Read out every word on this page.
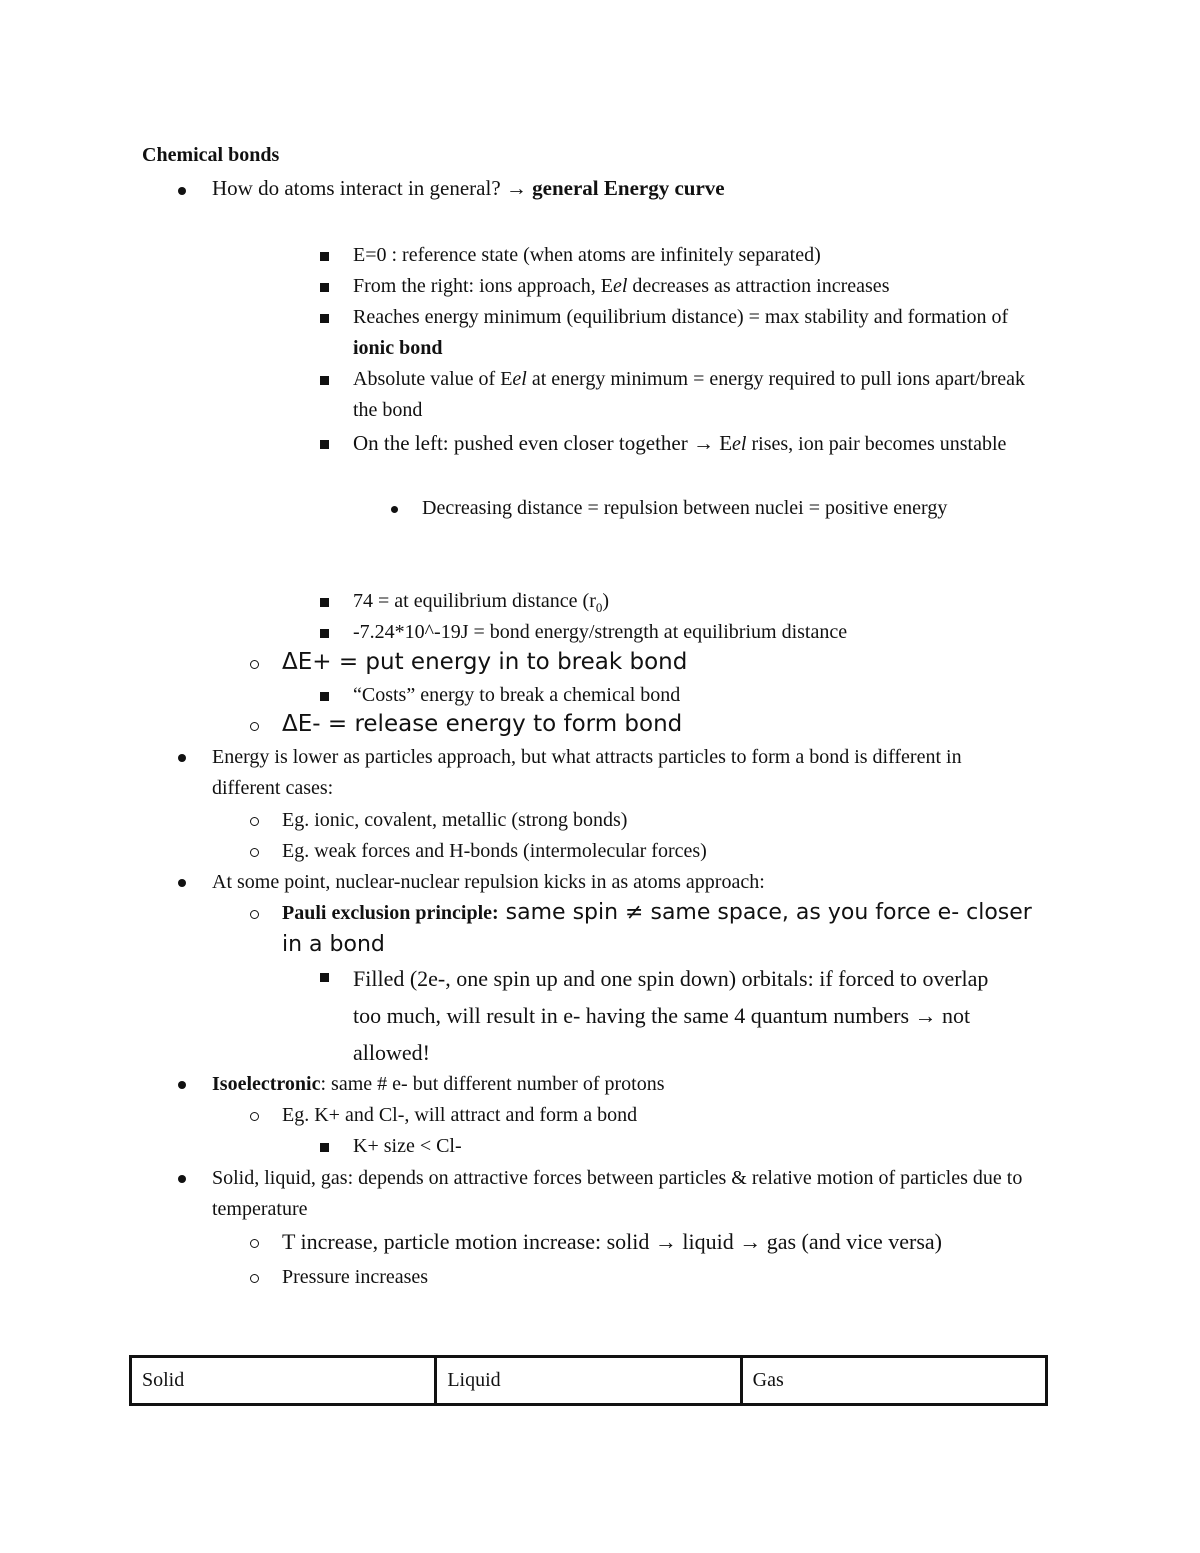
Chemical bonds
How do atoms interact in general? → general Energy curve
E=0 : reference state (when atoms are infinitely separated)
From the right: ions approach, Eel decreases as attraction increases
Reaches energy minimum (equilibrium distance) = max stability and formation of ionic bond
Absolute value of Eel at energy minimum = energy required to pull ions apart/break the bond
On the left: pushed even closer together → Eel rises, ion pair becomes unstable
Decreasing distance = repulsion between nuclei = positive energy
74 = at equilibrium distance $(r_0)$
-7.24*10^-19J = bond energy/strength at equilibrium distance
ΔE+ = put energy in to break bond
“Costs” energy to break a chemical bond
ΔE- = release energy to form bond
Energy is lower as particles approach, but what attracts particles to form a bond is different in different cases:
Eg. ionic, covalent, metallic (strong bonds)
Eg. weak forces and H-bonds (intermolecular forces)
At some point, nuclear-nuclear repulsion kicks in as atoms approach:
Pauli exclusion principle: same spin ≠ same space, as you force e- closer in a bond
Filled (2e-, one spin up and one spin down) orbitals: if forced to overlap too much, will result in e- having the same 4 quantum numbers → not allowed!
Isoelectronic: same # e- but different number of protons
Eg. K+ and Cl-, will attract and form a bond
K+ size < Cl-
Solid, liquid, gas: depends on attractive forces between particles & relative motion of particles due to temperature
T increase, particle motion increase: solid → liquid → gas (and vice versa)
Pressure increases
Solid	Liquid	Gas
